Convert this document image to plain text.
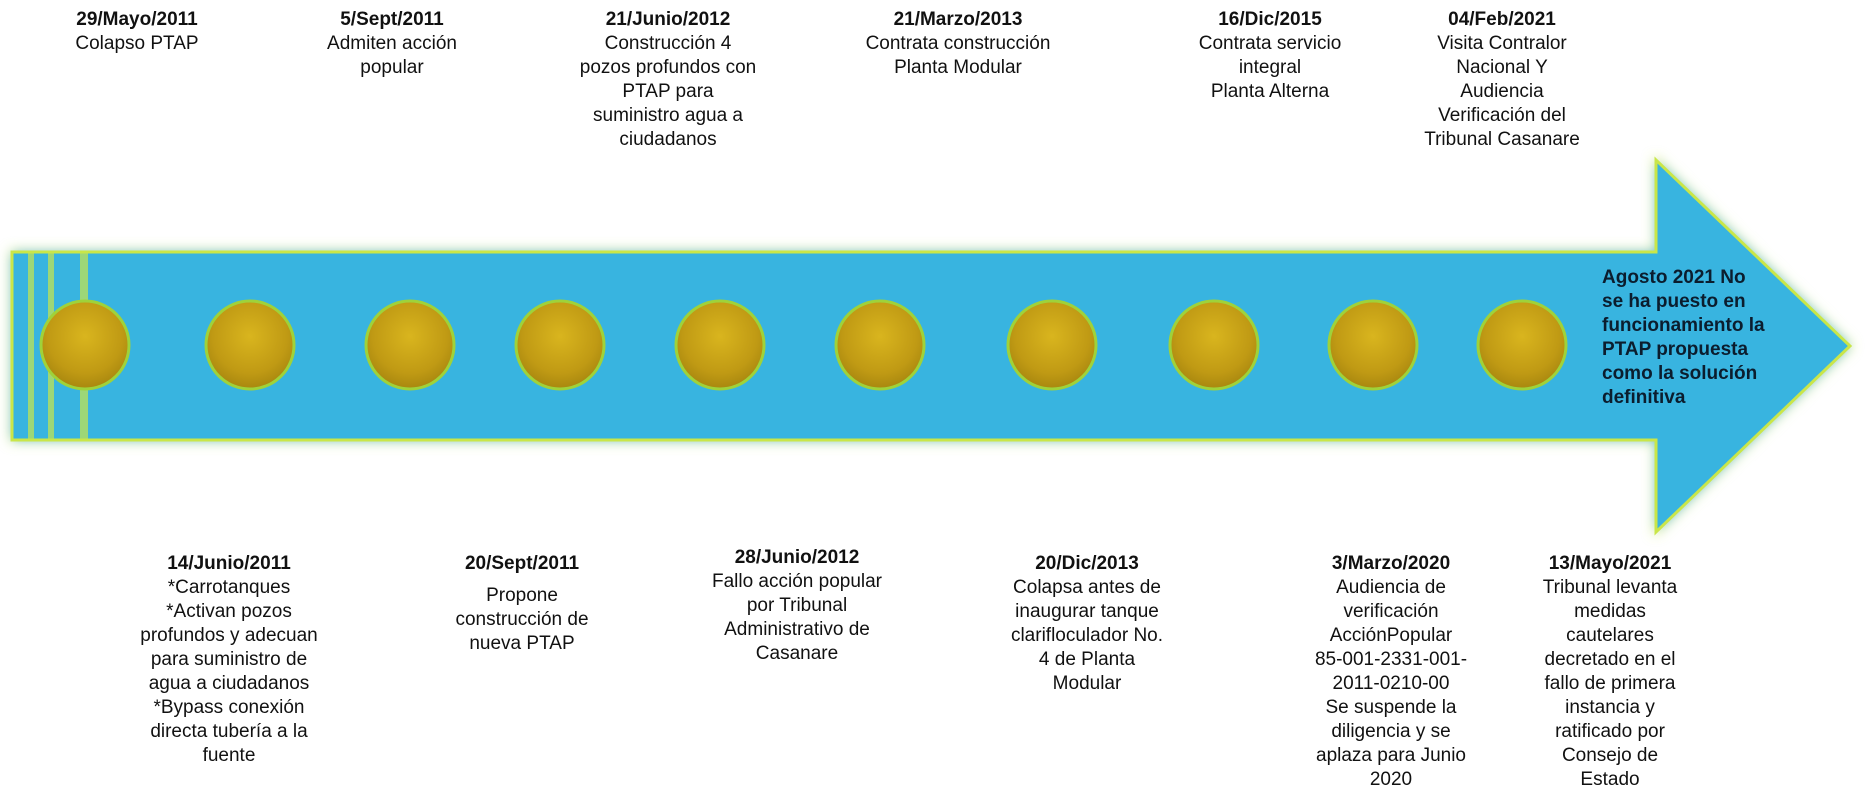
29/Mayo/2011
Colapso PTAP
5/Sept/2011
Admiten acción
popular
21/Junio/2012
Construcción 4
pozos profundos con
PTAP para
suministro agua a
ciudadanos
21/Marzo/2013
Contrata construcción
Planta Modular
16/Dic/2015
Contrata servicio
integral
Planta Alterna
04/Feb/2021
Visita Contralor
Nacional Y
Audiencia
Verificación del
Tribunal Casanare
14/Junio/2011
*Carrotanques
*Activan pozos
profundos y adecuan
para suministro de
agua a ciudadanos
*Bypass conexión
directa tubería a la
fuente
20/Sept/2011
Propone
construcción de
nueva PTAP
28/Junio/2012
Fallo acción popular
por Tribunal
Administrativo de
Casanare
20/Dic/2013
Colapsa antes de
inaugurar tanque
clarifloculador No.
4 de Planta
Modular
3/Marzo/2020
Audiencia de
verificación
AcciónPopular
85-001-2331-001-
2011-0210-00
Se suspende la
diligencia y se
aplaza para Junio
2020
13/Mayo/2021
Tribunal levanta
medidas
cautelares
decretado en el
fallo de primera
instancia y
ratificado por
Consejo de
Estado
Agosto 2021 No
se ha puesto en
funcionamiento la
PTAP propuesta
como la solución
definitiva
